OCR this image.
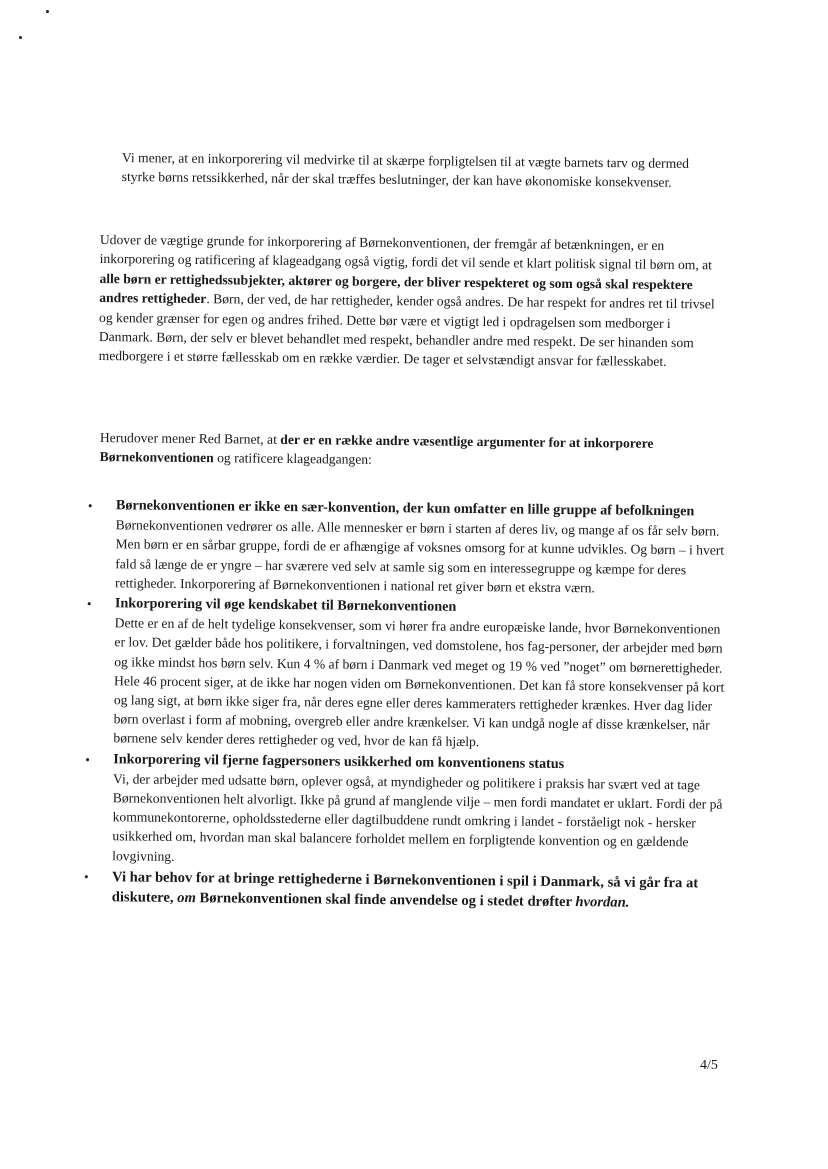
Vi mener, at en inkorporering vil medvirke til at skærpe forpligtelsen til at vægte barnets tarv og dermed styrke børns retssikkerhed, når der skal træffes beslutninger, der kan have økonomiske konsekvenser.

Udover de vægtige grunde for inkorporering af Børnekonventionen, der fremgår af betænkningen, er en inkorporering og ratificering af klageadgang også vigtig, fordi det vil sende et klart politisk signal til børn om, at alle børn er rettighedssubjekter, aktører og borgere, der bliver respekteret og som også skal respektere andres rettigheder. Børn, der ved, de har rettigheder, kender også andres. De har respekt for andres ret til trivsel og kender grænser for egen og andres frihed. Dette bør være et vigtigt led i opdragelsen som medborger i Danmark. Børn, der selv er blevet behandlet med respekt, behandler andre med respekt. De ser hinanden som medborgere i et større fællesskab om en række værdier. De tager et selvstændigt ansvar for fællesskabet.

Herudover mener Red Barnet, at der er en række andre væsentlige argumenter for at inkorporere Børnekonventionen og ratificere klageadgangen:

• Børnekonventionen er ikke en sær-konvention, der kun omfatter en lille gruppe af befolkningen
Børnekonventionen vedrører os alle. Alle mennesker er børn i starten af deres liv, og mange af os får selv børn. Men børn er en sårbar gruppe, fordi de er afhængige af voksnes omsorg for at kunne udvikles. Og børn – i hvert fald så længe de er yngre – har sværere ved selv at samle sig som en interessegruppe og kæmpe for deres rettigheder. Inkorporering af Børnekonventionen i national ret giver børn et ekstra værn.
• Inkorporering vil øge kendskabet til Børnekonventionen
Dette er en af de helt tydelige konsekvenser, som vi hører fra andre europæiske lande, hvor Børnekonventionen er lov. Det gælder både hos politikere, i forvaltningen, ved domstolene, hos fag-personer, der arbejder med børn og ikke mindst hos børn selv. Kun 4 % af børn i Danmark ved meget og 19 % ved ”noget” om børnerettigheder. Hele 46 procent siger, at de ikke har nogen viden om Børnekonventionen. Det kan få store konsekvenser på kort og lang sigt, at børn ikke siger fra, når deres egne eller deres kammeraters rettigheder krænkes. Hver dag lider børn overlast i form af mobning, overgreb eller andre krænkelser. Vi kan undgå nogle af disse krænkelser, når børnene selv kender deres rettigheder og ved, hvor de kan få hjælp.
• Inkorporering vil fjerne fagpersoners usikkerhed om konventionens status
Vi, der arbejder med udsatte børn, oplever også, at myndigheder og politikere i praksis har svært ved at tage Børnekonventionen helt alvorligt. Ikke på grund af manglende vilje – men fordi mandatet er uklart. Fordi der på kommunekontorerne, opholdsstederne eller dagtilbuddene rundt omkring i landet - forståeligt nok - hersker usikkerhed om, hvordan man skal balancere forholdet mellem en forpligtende konvention og en gældende lovgivning.
• Vi har behov for at bringe rettighederne i Børnekonventionen i spil i Danmark, så vi går fra at diskutere, om Børnekonventionen skal finde anvendelse og i stedet drøfter hvordan.
4/5
